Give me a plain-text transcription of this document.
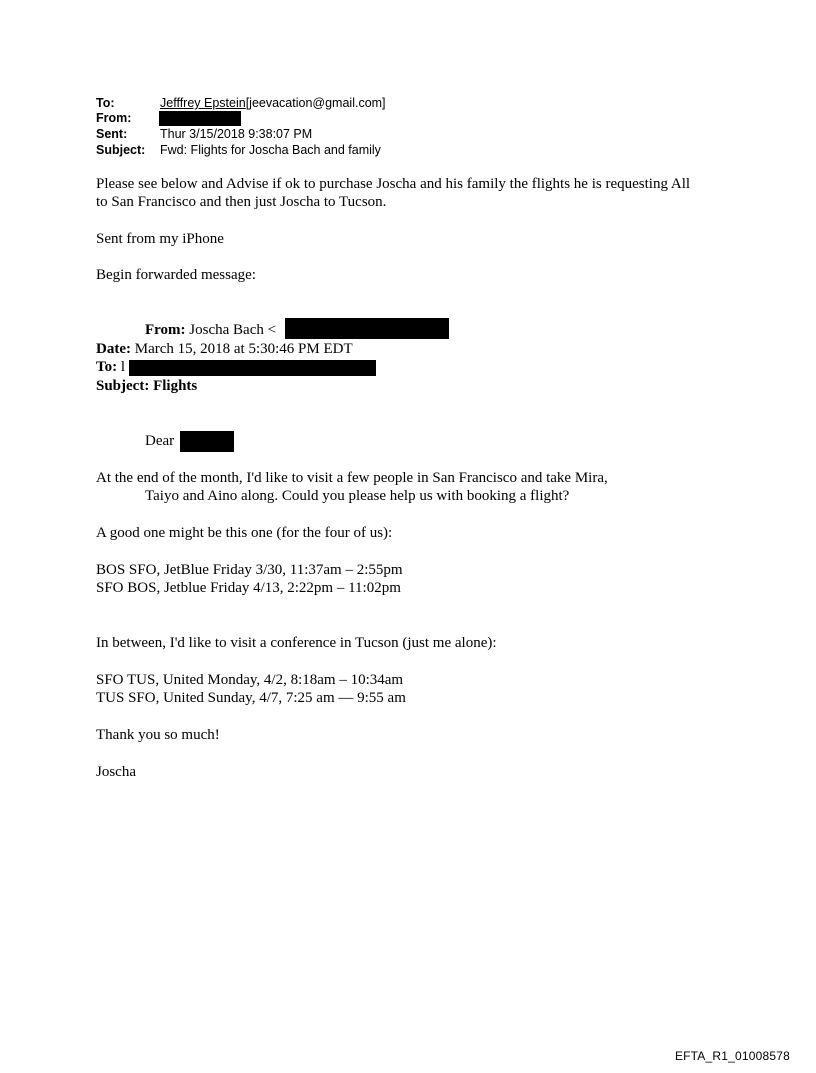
To:	Jefffrey Epstein[jeevacation@gmail.com]
From:
Sent:	Thur 3/15/2018 9:38:07 PM
Subject: Fwd: Flights for Joscha Bach and family
Please see below and Advise if ok to purchase Joscha and his family the flights he is requesting All
to San Francisco and then just Joscha to Tucson.
Sent from my iPhone
Begin forwarded message:
From: Joscha Bach <
Date: March 15, 2018 at 5:30:46 PM EDT
To: l
Subject: Flights
Dear
At the end of the month, I'd like to visit a few people in San Francisco and take Mira,
Taiyo and Aino along. Could you please help us with booking a flight?
A good one might be this one (for the four of us):
BOS SFO, JetBlue Friday 3/30, 11:37am – 2:55pm
SFO BOS, Jetblue Friday 4/13, 2:22pm – 11:02pm
In between, I'd like to visit a conference in Tucson (just me alone):
SFO TUS, United Monday, 4/2, 8:18am – 10:34am
TUS SFO, United Sunday, 4/7, 7:25 am — 9:55 am
Thank you so much!
Joscha
EFTA_R1_01008578
